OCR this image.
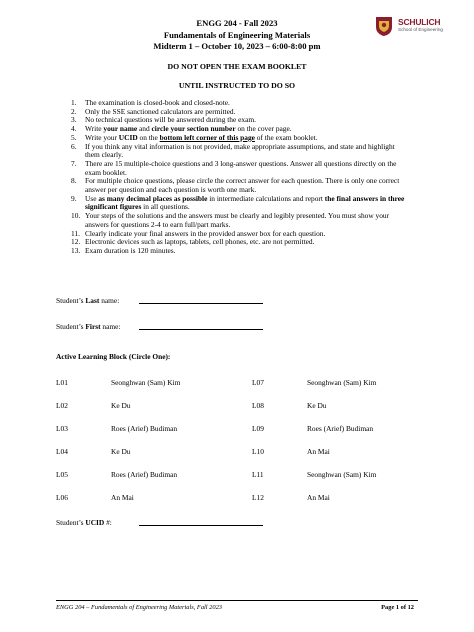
ENGG 204 - Fall 2023
Fundamentals of Engineering Materials
Midterm 1 – October 10, 2023 – 6:00-8:00 pm
SCHULICH
School of Engineering
DO NOT OPEN THE EXAM BOOKLET
UNTIL INSTRUCTED TO DO SO
1. The examination is closed-book and closed-note.
2. Only the SSE sanctioned calculators are permitted.
3. No technical questions will be answered during the exam.
4. Write your name and circle your section number on the cover page.
5. Write your UCID on the bottom left corner of this page of the exam booklet.
6. If you think any vital information is not provided, make appropriate assumptions, and state and highlight them clearly.
7. There are 15 multiple-choice questions and 3 long-answer questions. Answer all questions directly on the exam booklet.
8. For multiple choice questions, please circle the correct answer for each question. There is only one correct answer per question and each question is worth one mark.
9. Use as many decimal places as possible in intermediate calculations and report the final answers in three significant figures in all questions.
10. Your steps of the solutions and the answers must be clearly and legibly presented. You must show your answers for questions 2-4 to earn full/part marks.
11. Clearly indicate your final answers in the provided answer box for each question.
12. Electronic devices such as laptops, tablets, cell phones, etc. are not permitted.
13. Exam duration is 120 minutes.
Student’s Last name:
Student’s First name:
Active Learning Block (Circle One):
L01	Seonghwan (Sam) Kim
L02	Ke Du
L03	Roes (Arief) Budiman
L04	Ke Du
L05	Roes (Arief) Budiman
L06	An Mai
L07	Seonghwan (Sam) Kim
L08	Ke Du
L09	Roes (Arief) Budiman
L10	An Mai
L11	Seonghwan (Sam) Kim
L12	An Mai
Student’s UCID #:
ENGG 204 – Fundamentals of Engineering Materials, Fall 2023	Page 1 of 12
